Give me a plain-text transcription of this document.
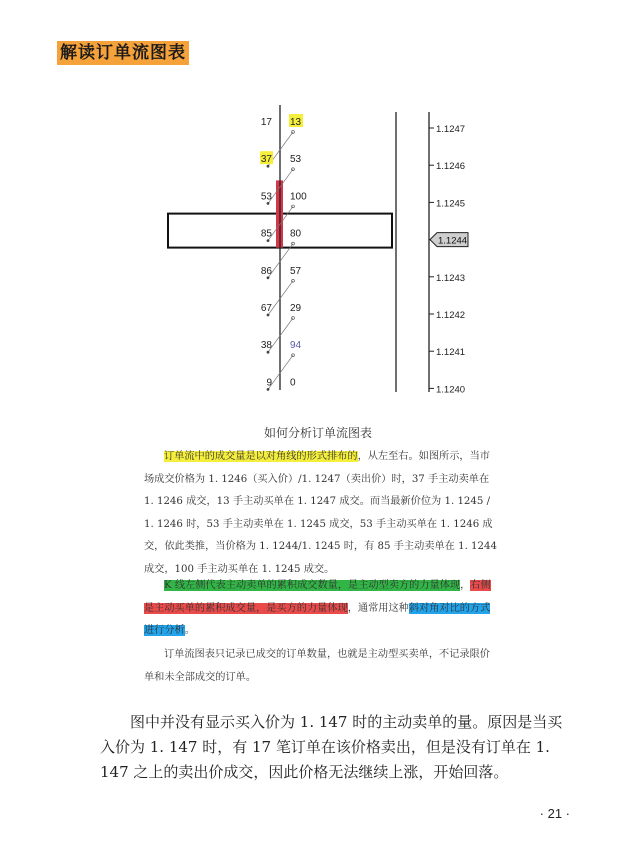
解读订单流图表
17 13
1.1247
37 53
1.1246
53 100
1.1245
85 80
1.1244
86 57
1.1243
67 29
1.1242
38 94
1.1241
9 0
1.1240
如何分析订单流图表
订单流中的成交量是以对角线的形式排布的，从左至右。如图所示，当市场成交价格为 1. 1246（买入价）/1. 1247（卖出价）时，37 手主动卖单在 1. 1246 成交，13 手主动买单在 1. 1247 成交。而当最新价位为 1. 1245 / 1. 1246 时，53 手主动卖单在 1. 1245 成交，53 手主动买单在 1. 1246 成交，依此类推，当价格为 1. 1244/1. 1245 时，有 85 手主动卖单在 1. 1244 成交，100 手主动买单在 1. 1245 成交。
K 线左侧代表主动卖单的累积成交数量，是主动型卖方的力量体现，右侧是主动买单的累积成交量，是买方的力量体现，通常用这种斜对角对比的方式进行分析。
订单流图表只记录已成交的订单数量，也就是主动型买卖单，不记录限价单和未全部成交的订单。
图中并没有显示买入价为 1. 147 时的主动卖单的量。原因是当买入价为 1. 147 时，有 17 笔订单在该价格卖出，但是没有订单在 1. 147 之上的卖出价成交，因此价格无法继续上涨，开始回落。
· 21 ·
